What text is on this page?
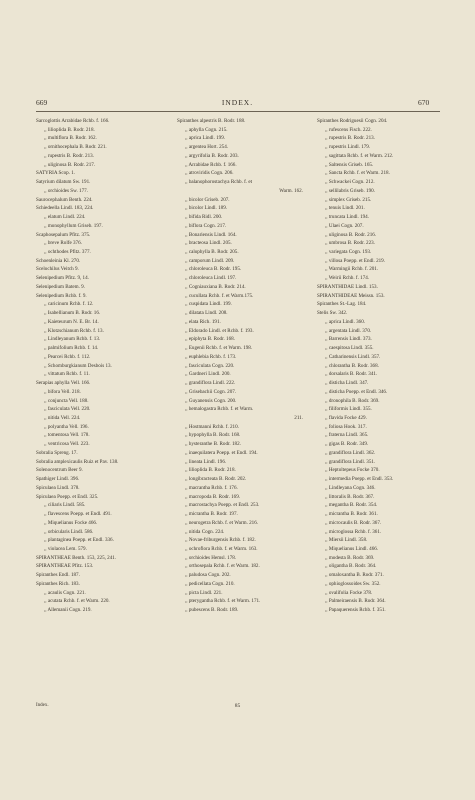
669	INDEX.	670
Sarcoglottis Arrabidae Rchb. f. 166.
,, lilioplida B. Rodr. 218.
,, multiflora B. Rodr. 162.
,, ornithocephala B. Rodr. 221.
,, rupestris B. Rodr. 213.
,, uliginosa B. Rodr. 217.
SATYRIA Scop. 1.
Satyrium dilatum Sw. 191.
,, orchioides Sw. 177.
Saurocephalum Benth. 224.
Schiedeella Lindl. 183, 224.
,, elatum Lindl. 224.
,, monophyllum Griseb. 197.
Scaphosepalum Pfitz. 375.
,, breve Rolfe 376.
,, ochthodes Pfitz. 377.
Schoenleinia Kl. 270.
Scelochilus Veitch 9.
Selenipedium Pfitz. 9, 14.
Selenipedium Batem. 9.
Selenipedium Rchb. f. 9.
,, caricinum Rchb. f. 12.
,, Isabellianum B. Rodr. 16.
,, Kaieteurum N. E. Br. 14.
,, Klotzschianum Rchb. f. 13.
,, Lindleyanum Rchb. f. 13.
,, palmifolium Rchb. f. 14.
,, Pearcei Rchb. f. 112.
,, Schomburgkianum Desbois 13.
,, vittatum Rchb. f. 11.
Serapias aphylla Vell. 166.
,, bifora Vell. 218.
,, conjuncta Vell. 188.
,, fasciculata Vell. 220.
,, nitida Vell. 224.
,, polyantha Vell. 196.
,, tomentosa Vell. 178.
,, ventricosa Vell. 223.
Sobralia Spreng. 17.
Sobralia amplexicaulis Ruiz et Pav. 138.
Solenocentrum Beer 9.
Spathiger Lindl. 396.
Spiculaea Lindl. 378.
Spiculaea Poepp. et Endl. 325.
,, ciliaris Lindl. 585.
,, flavescens Poepp. et Endl. 491.
,, Miquelianus Focke 466.
,, orbicularis Lindl. 586.
,, plantaginea Poepp. et Endl. 336.
,, violacea Lem. 579.
SPIRANTHEAE Benth. 153, 225, 241.
SPIRANTHEAE Pfitz. 153.
Spiranthes Endl. 187.
Spiranthes Rich. 183.
,, acaulis Cogn. 221.
,, acutata Rchb. f. et Warm. 220.
,, Allemanii Cogn. 219.
Spiranthes alpestris B. Rodr. 188.
,, aphylla Cogn. 215.
,, aprica Lindl. 199.
,, argentea Hort. 254.
,, argyrifolia B. Rodr. 203.
,, Arrabidae Rchb. f. 166.
,, atroviridis Cogn. 206.
,, balanophorostachya Rchb. f. et
Warm. 162.
,, bicolor Griseb. 207.
,, bicolor Lindl. 189.
,, bifida Ridl. 200.
,, biflora Cogn. 217.
,, Bonariensis Lindl. 164.
,, bracteosa Lindl. 205.
,, calophylla B. Rodr. 205.
,, camporum Lindl. 209.
,, chloroleuca B. Rodr. 195.
,, chloroleuca Lindl. 197.
,, Cogniauxiana B. Rodr. 214.
,, cucullata Rchb. f. et Warm.175.
,, cuspidata Lindl. 199.
,, dilatata Lindl. 208.
,, elata Rich. 191.
,, Eldorado Lindl. et Rchb. f. 193.
,, epiphyta B. Rodr. 168.
,, Eugenii Rchb. f. et Warm. 198.
,, euphlebia Rchb. f. 173.
,, fasciculata Cogn. 220.
,, Gardneri Lindl. 200.
,, grandiflora Lindl. 222.
,, Grisebachii Cogn. 207.
,, Guyanensis Cogn. 200.
,, hemalogastra Rchb. f. et Warm.
211.
,, Hostmanni Rchb. f. 210.
,, hypophylla B. Rodr. 168.
,, hysteranthe B. Rodr. 182.
,, inaequilatera Poepp. et Endl. 194.
,, lineata Lindl. 196.
,, lilioplida B. Rodr. 218.
,, longibracteata B. Rodr. 202.
,, macrantha Rchb. f. 176.
,, macropoda B. Rodr. 169.
,, macrostachya Poepp. et Endl. 253.
,, micrantha B. Rodr. 197.
,, neurogetra Rchb. f. et Warm. 216.
,, nitida Cogn. 224.
,, Novae-friburgensis Rchb. f. 182.
,, ochroflora Rchb. f. et Warm. 163.
,, orchioides Hemsl. 178.
,, orthosepala Rchb. f. et Warm. 182.
,, paludosa Cogn. 202.
,, pedicellata Cogn. 210.
,, picta Lindl. 221.
,, pterygantha Rchb. f. et Warm. 171.
,, pubescens B. Rodr. 189.
Spiranthes Rodriguesii Cogn. 204.
,, rufescens Fisch. 222.
,, rupestris B. Rodr. 213.
,, rupestris Lindl. 179.
,, sagittata Rchb. f. et Warm. 212.
,, Saltensis Griseb. 165.
,, Sancta Rchb. f. et Warm. 218.
,, Schwackei Cogn. 212.
,, sellilabris Griseb. 190.
,, simplex Griseb. 215.
,, tenuis Lindl. 201.
,, truncata Lindl. 194.
,, Ulaei Cogn. 207.
,, uliginosa B. Rodr. 216.
,, umbrosa B. Rodr. 223.
,, variegata Cogn. 193.
,, villosa Poepp. et Endl. 219.
,, Warmingii Rchb. f. 201.
,, Weirii Rchb. f. 174.
SPIRANTHIDAE Lindl. 153.
SPIRANTHIDEAE Meissn. 153.
Spiranthes St.-Lag. 184.
Stelis Sw. 342.
,, aprica Lindl. 360.
,, argentata Lindl. 370.
,, Barrensis Lindl. 373.
,, caespitosa Lindl. 355.
,, Catharinensis Lindl. 357.
,, chlorantha B. Rodr. 368.
,, dorsalaris B. Rodr. 341.
,, disticha Lindl. 347.
,, disticha Poepp. et Endl. 346.
,, dronophila B. Rodr. 369.
,, filiformis Lindl. 355.
,, flavida Focke 429.
,, foliosa Hook. 317.
,, fraterna Lindl. 365.
,, gigas B. Rodr. 349.
,, grandiflora Lindl. 362.
,, grandiflora Lindl. 351.
,, Heptoltepeus Focke 370.
,, intermedia Poepp. et Endl. 353.
,, Lindleyana Cogn. 346.
,, littoralis B. Rodr. 367.
,, megantha B. Rodr. 354.
,, micrantha B. Rodr. 361.
,, microcaulis B. Rodr. 367.
,, microglossa Rchb. f. 361.
,, Miersii Lindl. 358.
,, Miquelianus Lindl. 466.
,, modesta B. Rodr. 369.
,, oligantha B. Rodr. 364.
,, omaloxantha B. Rodr. 371.
,, ophioglossoides Sw. 352.
,, ovalifolia Focke 378.
,, Palmeiraensis B. Rodr. 364.
,, Papaquerensis Rchb. f. 351.
Index.	85
